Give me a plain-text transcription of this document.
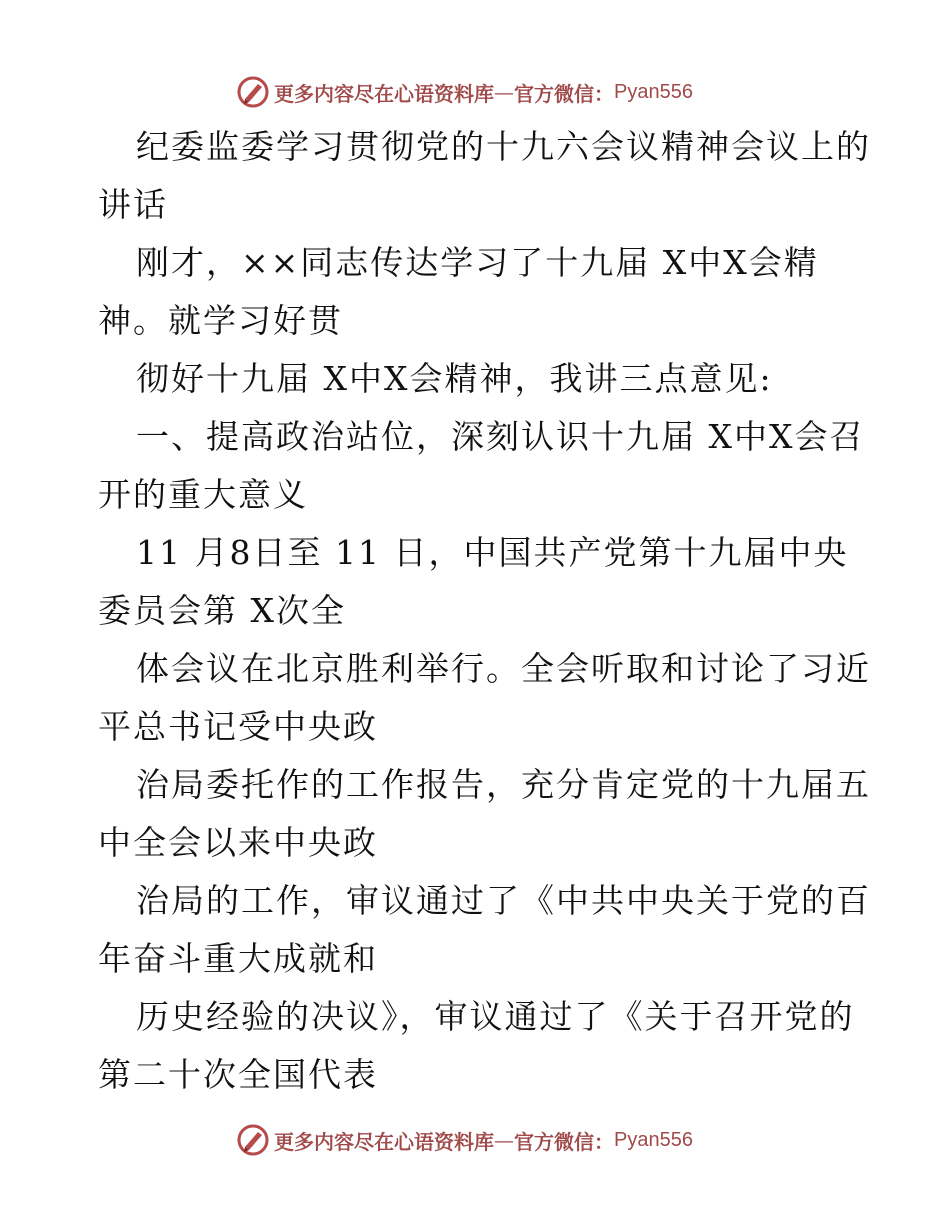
更多内容尽在心语资料库 — 官方微信： Pyan556
纪委监委学习贯彻党的十九六会议精神会议上的
讲话
刚才，××同志传达学习了十九届 X中X会精
神。就学习好贯
彻好十九届 X中X会精神，我讲三点意见:
一、提高政治站位，深刻认识十九届 X中X会召
开的重大意义
11 月8日至 11 日，中国共产党第十九届中央
委员会第 X次全
体会议在北京胜利举行。全会听取和讨论了习近
平总书记受中央政
治局委托作的工作报告，充分肯定党的十九届五
中全会以来中央政
治局的工作，审议通过了《中共中央关于党的百
年奋斗重大成就和
历史经验的决议》，审议通过了《关于召开党的
第二十次全国代表
更多内容尽在心语资料库 — 官方微信： Pyan556
